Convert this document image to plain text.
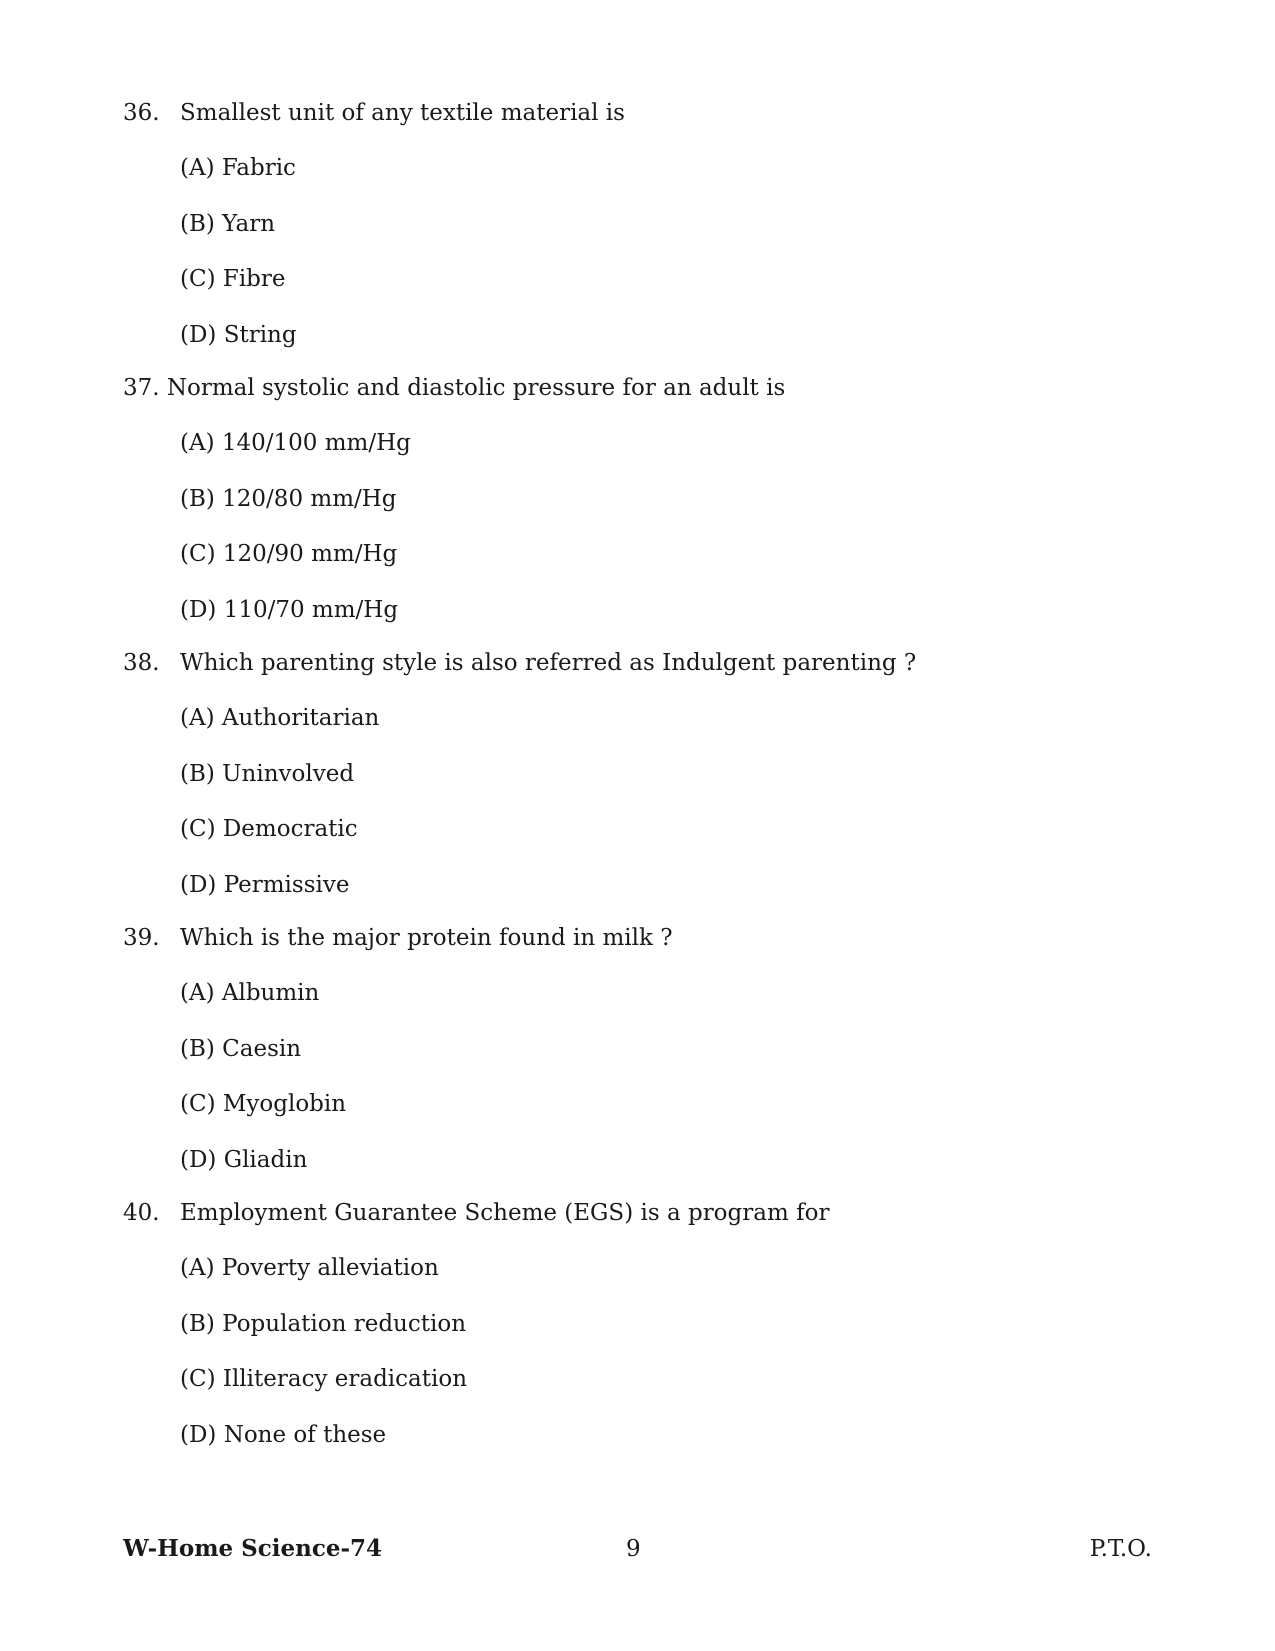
36. Smallest unit of any textile material is
(A) Fabric
(B) Yarn
(C) Fibre
(D) String
37. Normal systolic and diastolic pressure for an adult is
(A) 140/100 mm/Hg
(B) 120/80 mm/Hg
(C) 120/90 mm/Hg
(D) 110/70 mm/Hg
38. Which parenting style is also referred as Indulgent parenting ?
(A) Authoritarian
(B) Uninvolved
(C) Democratic
(D) Permissive
39. Which is the major protein found in milk ?
(A) Albumin
(B) Caesin
(C) Myoglobin
(D) Gliadin
40. Employment Guarantee Scheme (EGS) is a program for
(A) Poverty alleviation
(B) Population reduction
(C) Illiteracy eradication
(D) None of these
W-Home Science-74	9	P.T.O.
